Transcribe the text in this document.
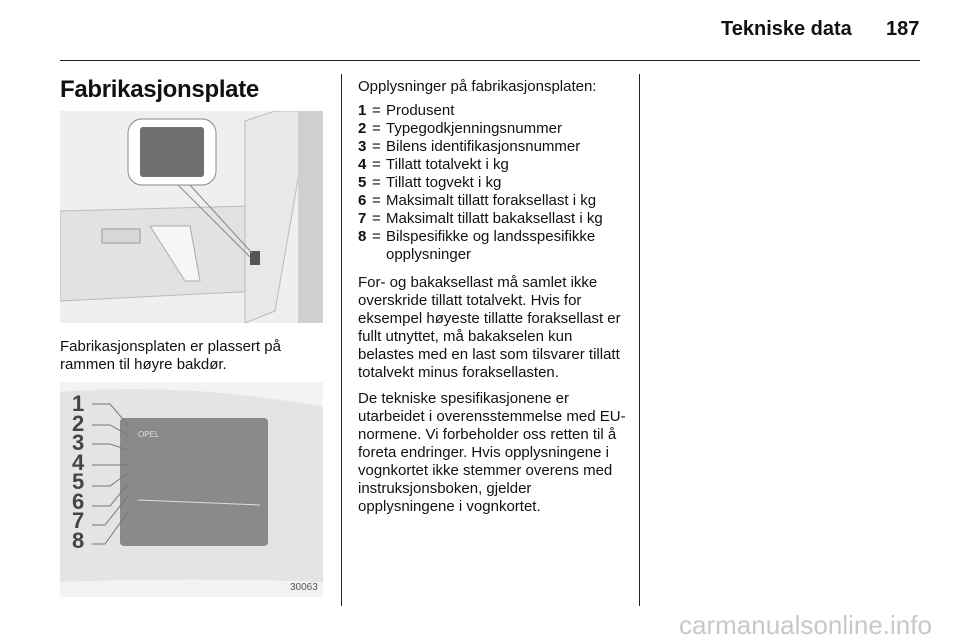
Tekniske data 187
Fabrikasjonsplate
Fabrikasjonsplaten er plassert på rammen til høyre bakdør.
1
2
3
4
5
6
7
8
OPEL
30063
Opplysninger på fabrikasjonsplaten:
1 = Produsent
2 = Typegodkjenningsnummer
3 = Bilens identifikasjonsnummer
4 = Tillatt totalvekt i kg
5 = Tillatt togvekt i kg
6 = Maksimalt tillatt foraksellast i kg
7 = Maksimalt tillatt bakaksellast i kg
8 = Bilspesifikke og landsspesifikke opplysninger

For- og bakaksellast må samlet ikke overskride tillatt totalvekt. Hvis for eksempel høyeste tillatte foraksellast er fullt utnyttet, må bakakselen kun belastes med en last som tilsvarer tillatt totalvekt minus foraksellasten.

De tekniske spesifikasjonene er utarbeidet i overensstemmelse med EU-normene. Vi forbeholder oss retten til å foreta endringer. Hvis opplysningene i vognkortet ikke stemmer overens med instruksjonsboken, gjelder opplysningene i vognkortet.

carmanualsonline.info
